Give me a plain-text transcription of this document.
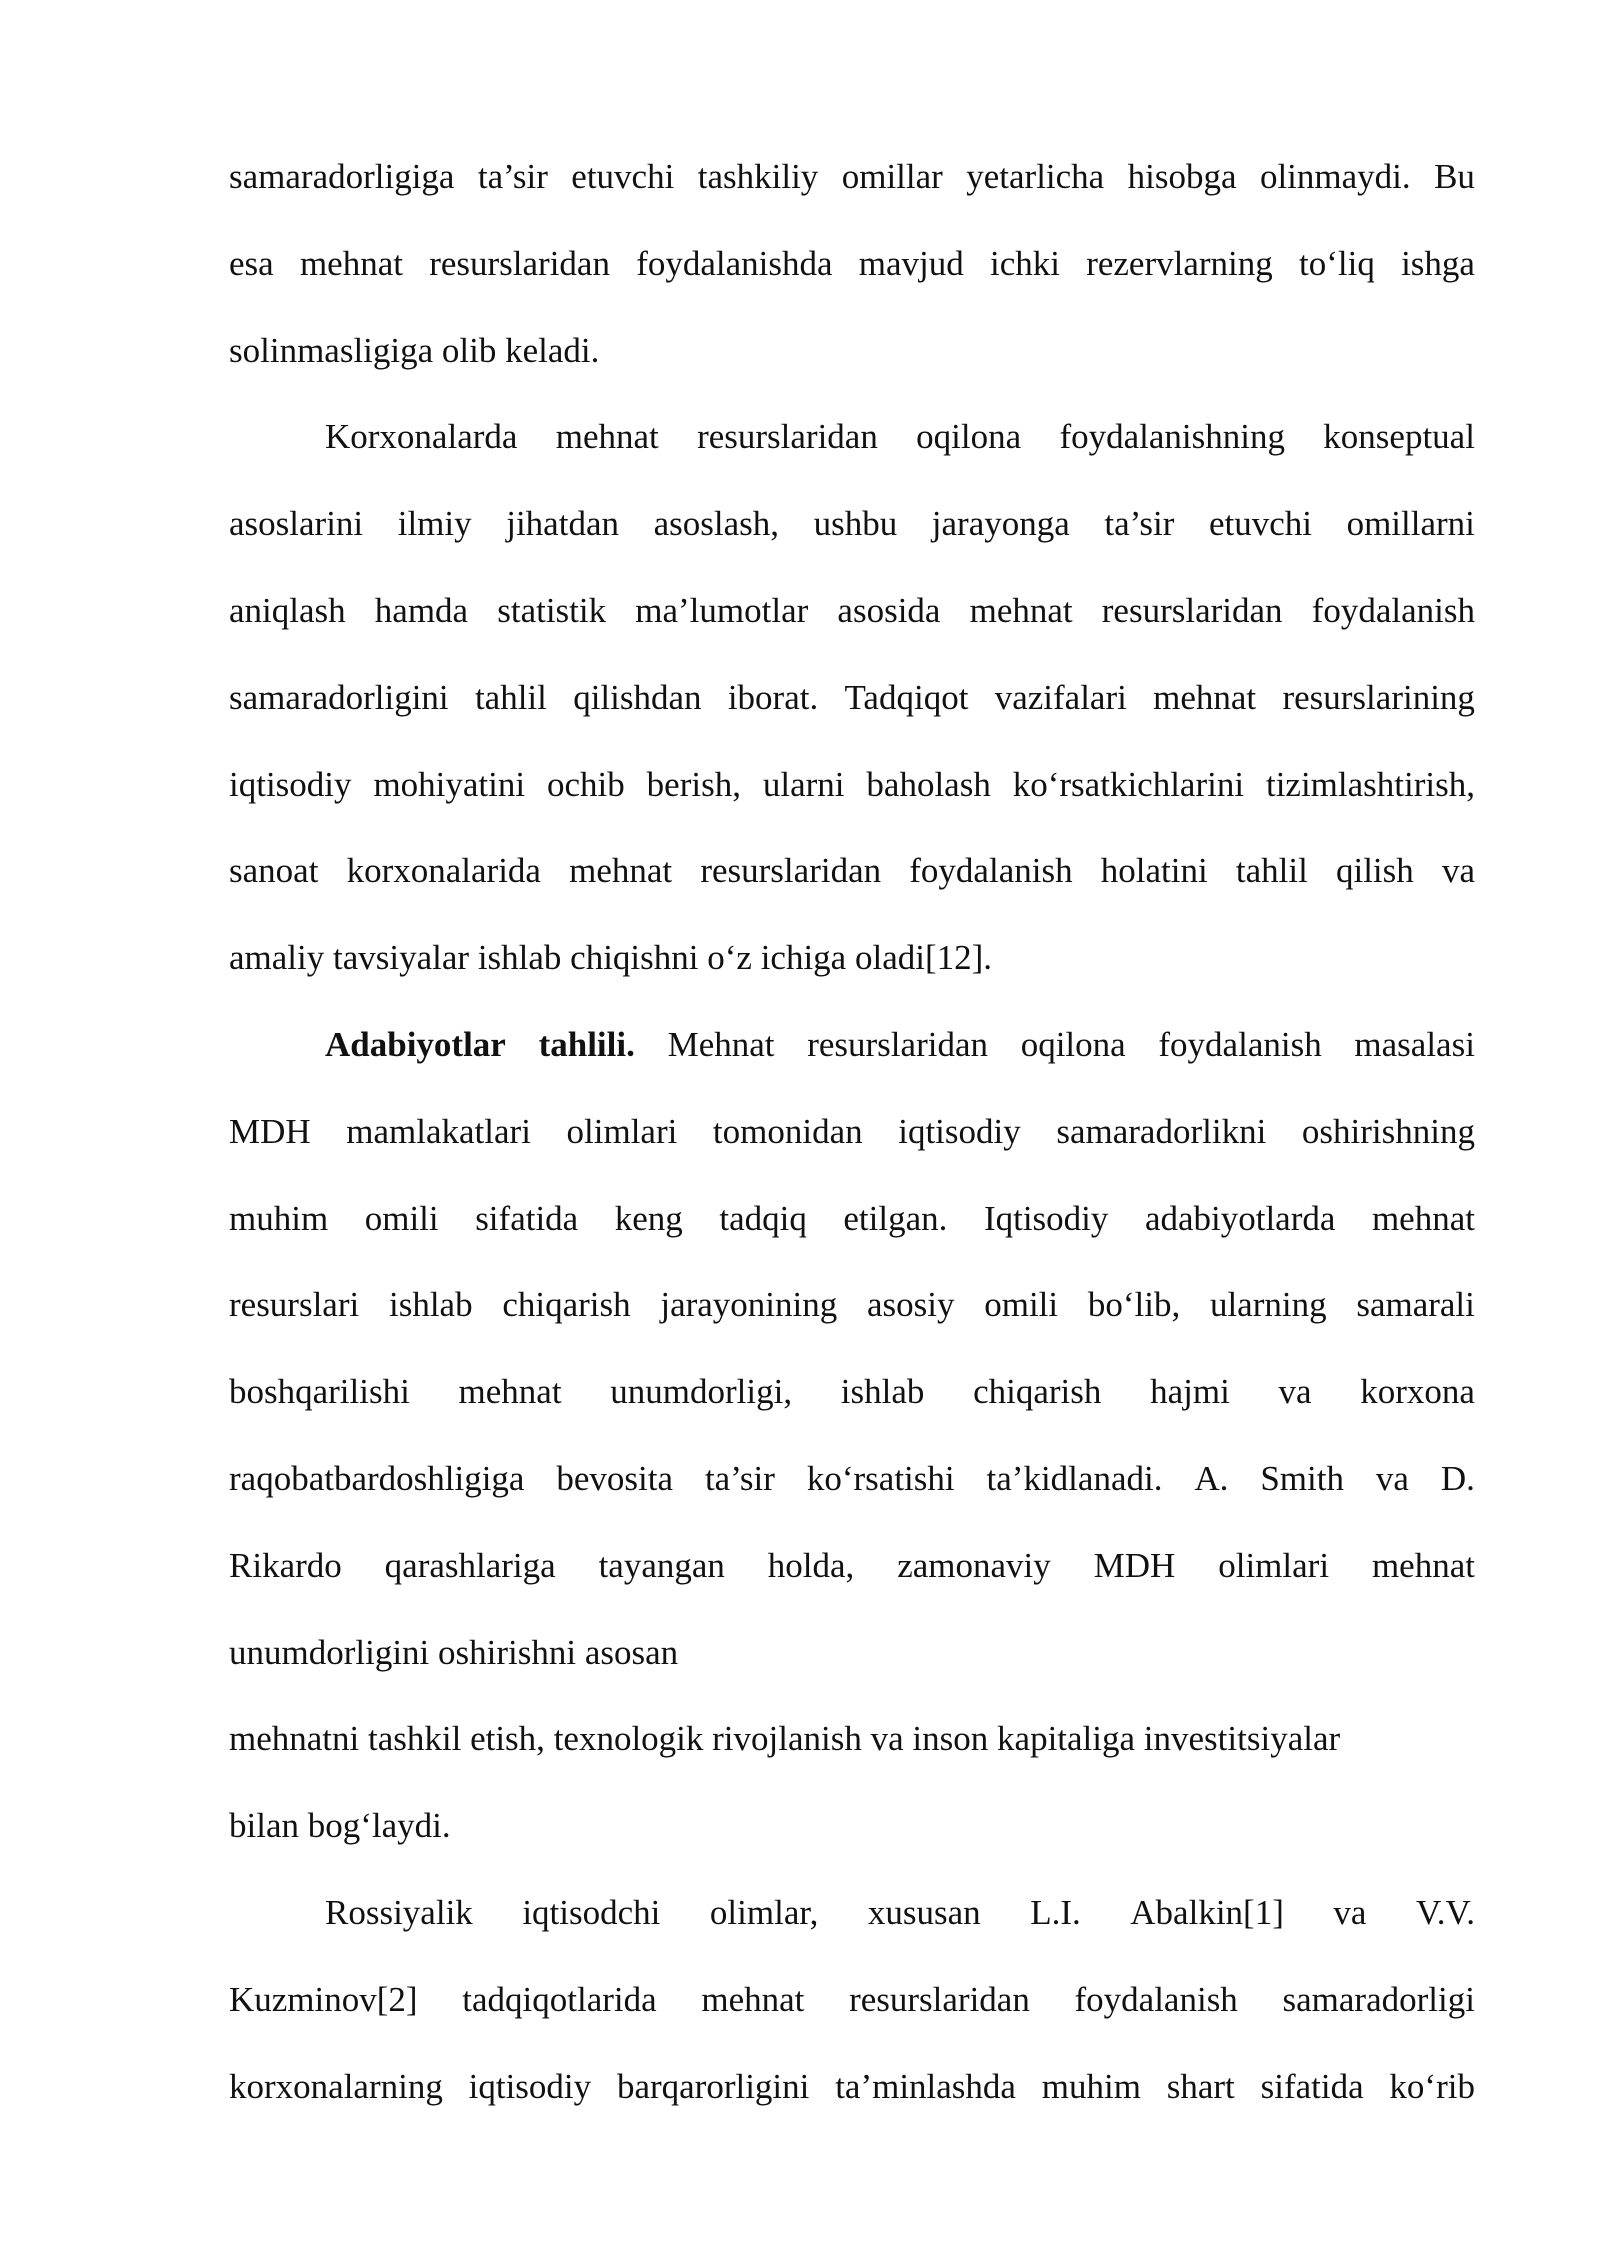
samaradorligiga ta’sir etuvchi tashkiliy omillar yetarlicha hisobga olinmaydi. Bu
esa mehnat resurslaridan foydalanishda mavjud ichki rezervlarning to‘liq ishga
solinmasligiga olib keladi.
Korxonalarda mehnat resurslaridan oqilona foydalanishning konseptual
asoslarini ilmiy jihatdan asoslash, ushbu jarayonga ta’sir etuvchi omillarni
aniqlash hamda statistik ma’lumotlar asosida mehnat resurslaridan foydalanish
samaradorligini tahlil qilishdan iborat. Tadqiqot vazifalari mehnat resurslarining
iqtisodiy mohiyatini ochib berish, ularni baholash ko‘rsatkichlarini tizimlashtirish,
sanoat korxonalarida mehnat resurslaridan foydalanish holatini tahlil qilish va
amaliy tavsiyalar ishlab chiqishni o‘z ichiga oladi[12].
Adabiyotlar tahlili. Mehnat resurslaridan oqilona foydalanish masalasi
MDH mamlakatlari olimlari tomonidan iqtisodiy samaradorlikni oshirishning
muhim omili sifatida keng tadqiq etilgan. Iqtisodiy adabiyotlarda mehnat
resurslari ishlab chiqarish jarayonining asosiy omili bo‘lib, ularning samarali
boshqarilishi mehnat unumdorligi, ishlab chiqarish hajmi va korxona
raqobatbardoshligiga bevosita ta’sir ko‘rsatishi ta’kidlanadi. A. Smith va D.
Rikardo qarashlariga tayangan holda, zamonaviy MDH olimlari mehnat
unumdorligini oshirishni asosan
mehnatni tashkil etish, texnologik rivojlanish va inson kapitaliga investitsiyalar
bilan bog‘laydi.
Rossiyalik iqtisodchi olimlar, xususan L.I. Abalkin[1] va V.V.
Kuzminov[2] tadqiqotlarida mehnat resurslaridan foydalanish samaradorligi
korxonalarning iqtisodiy barqarorligini ta’minlashda muhim shart sifatida ko‘rib
